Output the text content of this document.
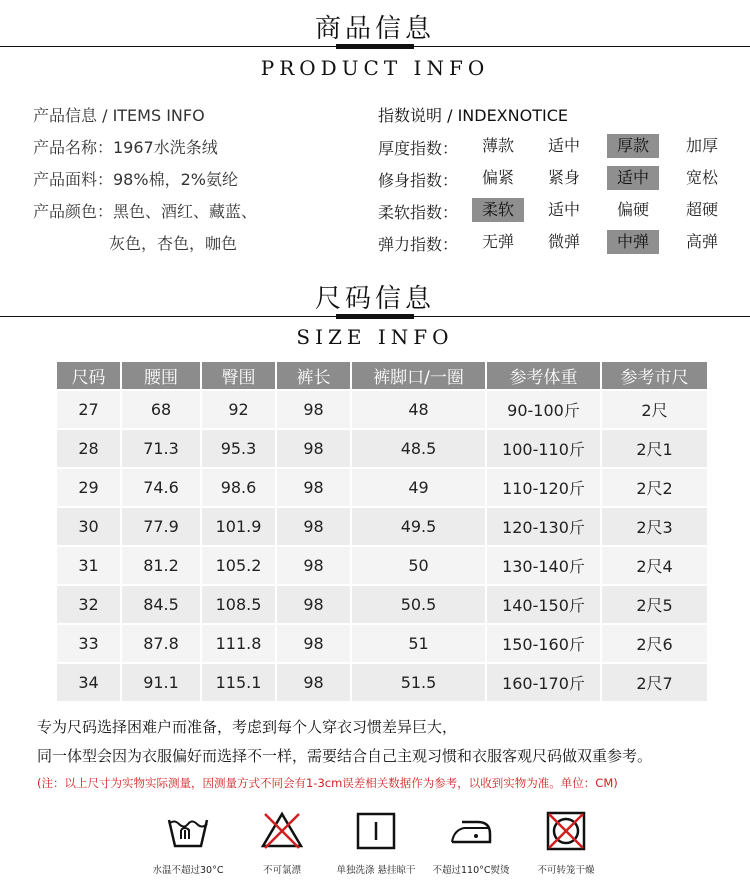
商品信息
PRODUCT INFO
产品信息 / ITEMS INFO
产品名称：1967水洗条绒
产品面料：98%棉，2%氨纶
产品颜色：黑色、酒红、藏蓝、
灰色，杏色，咖色
指数说明 / INDEXNOTICE
厚度指数：	薄款	适中	厚款	加厚
修身指数：	偏紧	紧身	适中	宽松
柔软指数：	柔软	适中	偏硬	超硬
弹力指数：	无弹	微弹	中弹	高弹
尺码信息
SIZE INFO
尺码	腰围	臀围	裤长	裤脚口/一圈	参考体重	参考市尺
27	68	92	98	48	90-100斤	2尺
28	71.3	95.3	98	48.5	100-110斤	2尺1
29	74.6	98.6	98	49	110-120斤	2尺2
30	77.9	101.9	98	49.5	120-130斤	2尺3
31	81.2	105.2	98	50	130-140斤	2尺4
32	84.5	108.5	98	50.5	140-150斤	2尺5
33	87.8	111.8	98	51	150-160斤	2尺6
34	91.1	115.1	98	51.5	160-170斤	2尺7
专为尺码选择困难户而准备，考虑到每个人穿衣习惯差异巨大，
同一体型会因为衣服偏好而选择不一样，需要结合自己主观习惯和衣服客观尺码做双重参考。
(注：以上尺寸为实物实际测量，因测量方式不同会有1-3cm误差相关数据作为参考，以收到实物为准。单位：CM)
水温不超过30°C	不可氯漂	单独洗涤 悬挂晾干	不超过110°C熨烫	不可转笼干燥
